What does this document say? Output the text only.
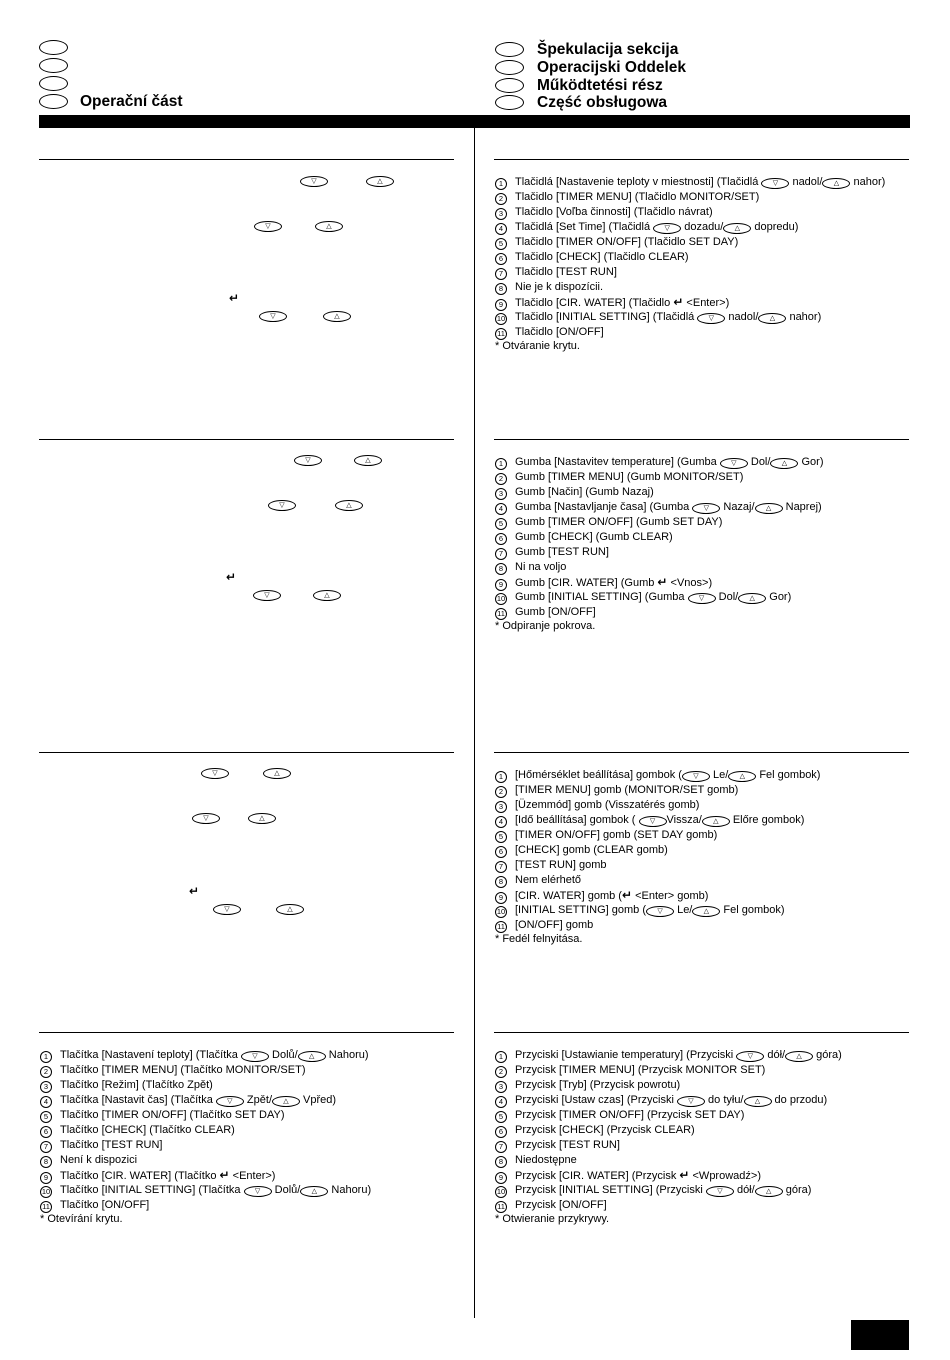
Operační část
Špekulacija sekcija
Operacijski Oddelek
Működtetési rész
Część obsługowa
▽	△
▽	△
↵
▽	△
▽	△
▽	△
↵
▽	△
▽	△
▽	△
↵
▽	△
1 Tlačidlá [Nastavenie teploty v miestnosti] (Tlačidlá ▽ nadol/ △ nahor)
2 Tlačidlo [TIMER MENU] (Tlačidlo MONITOR/SET)
3 Tlačidlo [Voľba činnosti] (Tlačidlo návrat)
4 Tlačidlá [Set Time] (Tlačidlá ▽ dozadu/ △ dopredu)
5 Tlačidlo [TIMER ON/OFF] (Tlačidlo SET DAY)
6 Tlačidlo [CHECK] (Tlačidlo CLEAR)
7 Tlačidlo [TEST RUN]
8 Nie je k dispozícii.
9 Tlačidlo [CIR. WATER] (Tlačidlo ↵ <Enter>)
10 Tlačidlo [INITIAL SETTING] (Tlačidlá ▽ nadol/ △ nahor)
11 Tlačidlo [ON/OFF]
* Otváranie krytu.
1 Gumba [Nastavitev temperature] (Gumba ▽ Dol/ △ Gor)
2 Gumb [TIMER MENU] (Gumb MONITOR/SET)
3 Gumb [Način] (Gumb Nazaj)
4 Gumba [Nastavljanje časa] (Gumba ▽ Nazaj/ △ Naprej)
5 Gumb [TIMER ON/OFF] (Gumb SET DAY)
6 Gumb [CHECK] (Gumb CLEAR)
7 Gumb [TEST RUN]
8 Ni na voljo
9 Gumb [CIR. WATER] (Gumb ↵ <Vnos>)
10 Gumb [INITIAL SETTING] (Gumba ▽ Dol/ △ Gor)
11 Gumb [ON/OFF]
* Odpiranje pokrova.
1 [Hőmérséklet beállítása] gombok ( ▽ Le/ △ Fel gombok)
2 [TIMER MENU] gomb (MONITOR/SET gomb)
3 [Üzemmód] gomb (Visszatérés gomb)
4 [Idő beállítása] gombok ( ▽ Vissza/ △ Előre gombok)
5 [TIMER ON/OFF] gomb (SET DAY gomb)
6 [CHECK] gomb (CLEAR gomb)
7 [TEST RUN] gomb
8 Nem elérhető
9 [CIR. WATER] gomb (↵ <Enter> gomb)
10 [INITIAL SETTING] gomb ( ▽ Le/ △ Fel gombok)
11 [ON/OFF] gomb
* Fedél felnyitása.
1 Tlačítka [Nastavení teploty] (Tlačítka ▽ Dolů/ △ Nahoru)
2 Tlačítko [TIMER MENU] (Tlačítko MONITOR/SET)
3 Tlačítko [Režim] (Tlačítko Zpět)
4 Tlačítka [Nastavit čas] (Tlačítka ▽ Zpět/ △ Vpřed)
5 Tlačítko [TIMER ON/OFF] (Tlačítko SET DAY)
6 Tlačítko [CHECK] (Tlačítko CLEAR)
7 Tlačítko [TEST RUN]
8 Není k dispozici
9 Tlačítko [CIR. WATER] (Tlačítko ↵ <Enter>)
10 Tlačítko [INITIAL SETTING] (Tlačítka ▽ Dolů/ △ Nahoru)
11 Tlačítko [ON/OFF]
* Otevírání krytu.
1 Przyciski [Ustawianie temperatury] (Przyciski ▽ dół/ △ góra)
2 Przycisk [TIMER MENU] (Przycisk MONITOR SET)
3 Przycisk [Tryb] (Przycisk powrotu)
4 Przyciski [Ustaw czas] (Przyciski ▽ do tyłu/ △ do przodu)
5 Przycisk [TIMER ON/OFF] (Przycisk SET DAY)
6 Przycisk [CHECK] (Przycisk CLEAR)
7 Przycisk [TEST RUN]
8 Niedostępne
9 Przycisk [CIR. WATER] (Przycisk ↵ <Wprowadź>)
10 Przycisk [INITIAL SETTING] (Przyciski ▽ dół/ △ góra)
11 Przycisk [ON/OFF]
* Otwieranie przykrywy.
